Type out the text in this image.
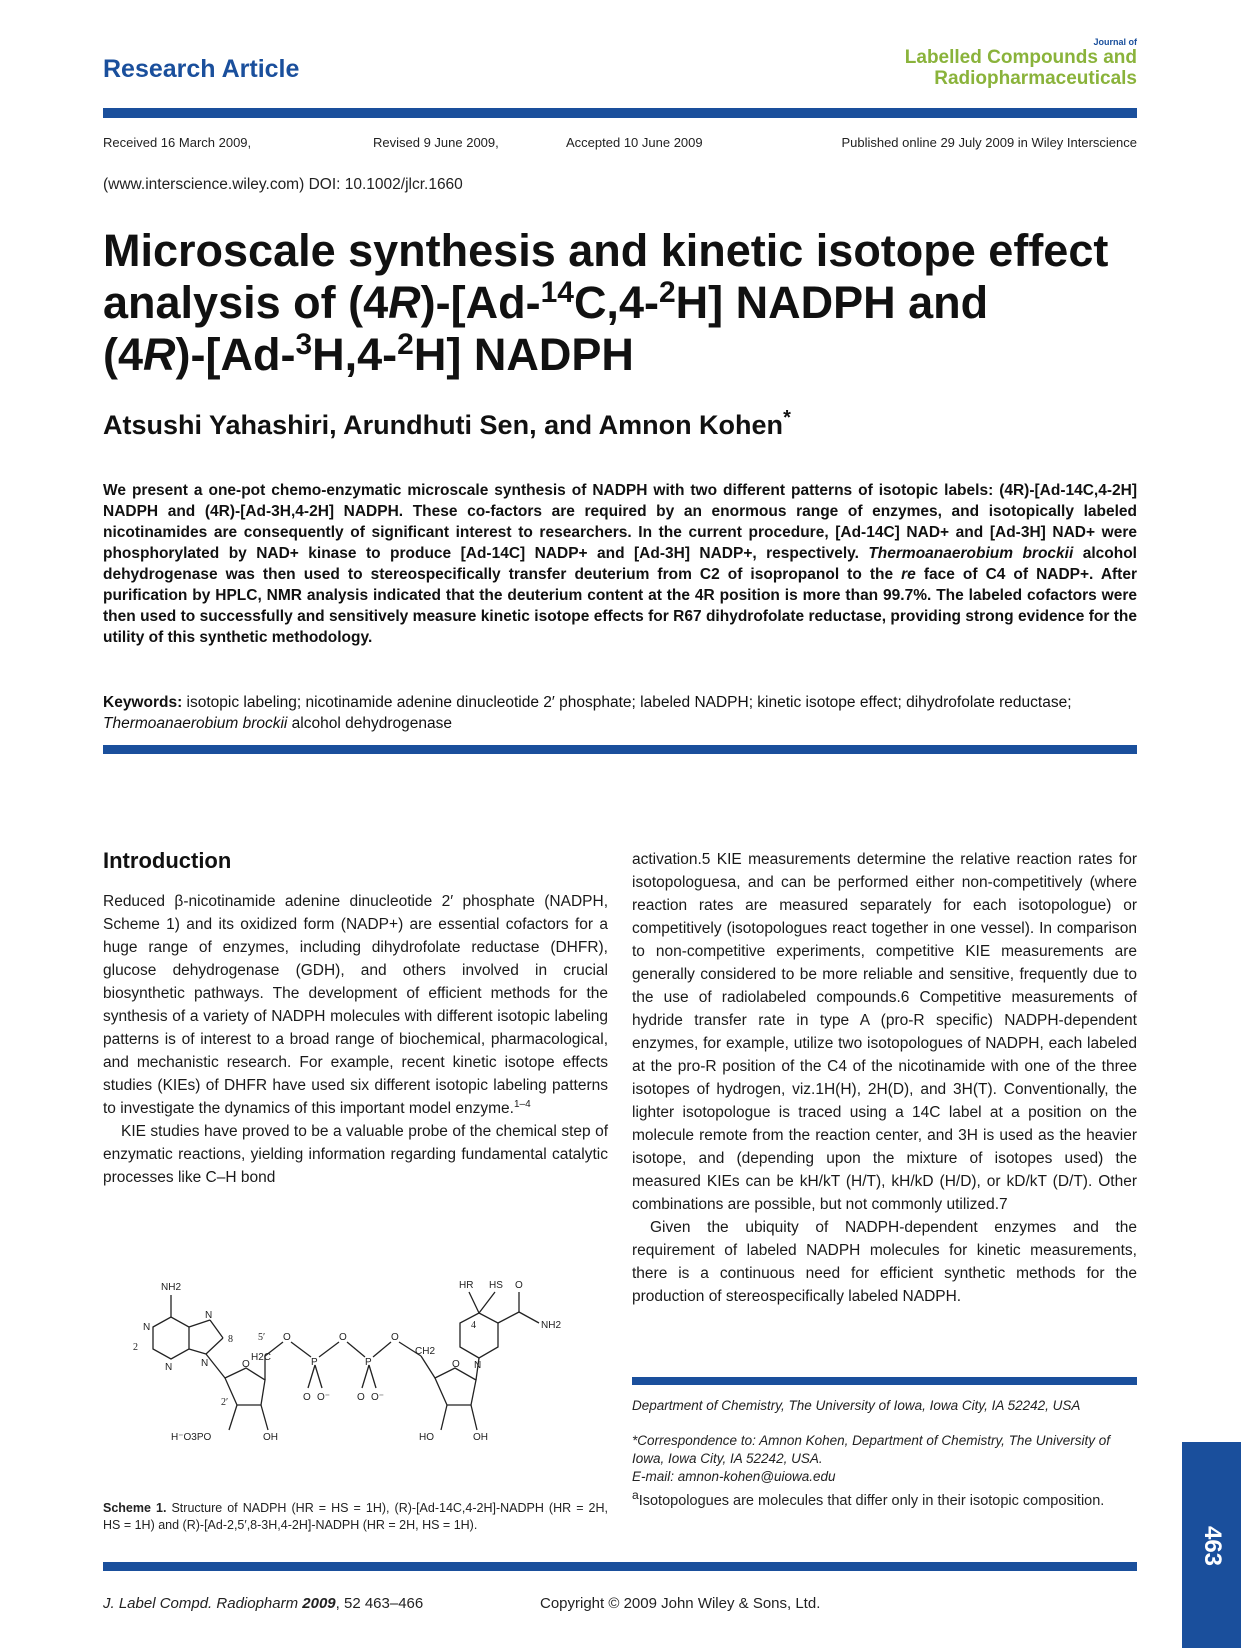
Research Article
Journal of
Labelled Compounds and
Radiopharmaceuticals
Received 16 March 2009,	Revised 9 June 2009,	Accepted 10 June 2009	Published online 29 July 2009 in Wiley Interscience
(www.interscience.wiley.com) DOI: 10.1002/jlcr.1660
Microscale synthesis and kinetic isotope effect
analysis of (4R)-[Ad-$^{14}$C,4-$^2$H] NADPH and
(4R)-[Ad-$^3$H,4-$^2$H] NADPH
Atsushi Yahashiri, Arundhuti Sen, and Amnon Kohen*
We present a one-pot chemo-enzymatic microscale synthesis of NADPH with two different patterns of isotopic labels: (4R)-[Ad-14C,4-2H] NADPH and (4R)-[Ad-3H,4-2H] NADPH. These co-factors are required by an enormous range of enzymes, and isotopically labeled nicotinamides are consequently of significant interest to researchers. In the current procedure, [Ad-14C] NAD+ and [Ad-3H] NAD+ were phosphorylated by NAD+ kinase to produce [Ad-14C] NADP+ and [Ad-3H] NADP+, respectively. Thermoanaerobium brockii alcohol dehydrogenase was then used to stereospecifically transfer deuterium from C2 of isopropanol to the re face of C4 of NADP+. After purification by HPLC, NMR analysis indicated that the deuterium content at the 4R position is more than 99.7%. The labeled cofactors were then used to successfully and sensitively measure kinetic isotope effects for R67 dihydrofolate reductase, providing strong evidence for the utility of this synthetic methodology.
Keywords: isotopic labeling; nicotinamide adenine dinucleotide 2′ phosphate; labeled NADPH; kinetic isotope effect; dihydrofolate reductase; Thermoanaerobium brockii alcohol dehydrogenase
Introduction

Reduced β-nicotinamide adenine dinucleotide 2′ phosphate (NADPH, Scheme 1) and its oxidized form (NADP+) are essential cofactors for a huge range of enzymes, including dihydrofolate reductase (DHFR), glucose dehydrogenase (GDH), and others involved in crucial biosynthetic pathways. The development of efficient methods for the synthesis of a variety of NADPH molecules with different isotopic labeling patterns is of interest to a broad range of biochemical, pharmacological, and mechanistic research. For example, recent kinetic isotope effects studies (KIEs) of DHFR have used six different isotopic labeling patterns to investigate the dynamics of this important model enzyme.$^{1-4}$

KIE studies have proved to be a valuable probe of the chemical step of enzymatic reactions, yielding information regarding fundamental catalytic processes like C–H bond

activation.5 KIE measurements determine the relative reaction rates for isotopologuesa, and can be performed either non-competitively (where reaction rates are measured separately for each isotopologue) or competitively (isotopologues react together in one vessel). In comparison to non-competitive experiments, competitive KIE measurements are generally considered to be more reliable and sensitive, frequently due to the use of radiolabeled compounds.6 Competitive measurements of hydride transfer rate in type A (pro-R specific) NADPH-dependent enzymes, for example, utilize two isotopologues of NADPH, each labeled at the pro-R position of the C4 of the nicotinamide with one of the three isotopes of hydrogen, viz.1H(H), 2H(D), and 3H(T). Conventionally, the lighter isotopologue is traced using a 14C label at a position on the molecule remote from the reaction center, and 3H is used as the heavier isotope, and (depending upon the mixture of isotopes used) the measured KIEs can be kH/kT (H/T), kH/kD (H/D), or kD/kT (D/T). Other combinations are possible, but not commonly utilized.7

Given the ubiquity of NADPH-dependent enzymes and the requirement of labeled NADPH molecules for kinetic measurements, there is a continuous need for efficient synthetic methods for the production of stereospecifically labeled NADPH.

NH2
N
N
N
N
2
8	5′
H2C
O
P
O
P
O
CH2
O O⁻	O O⁻
O	O
2′
H⁻O3PO	OH	HO	OH
N
4
HR HS O
NH2
Scheme 1. Structure of NADPH (HR = HS = 1H), (R)-[Ad-14C,4-2H]-NADPH (HR = 2H, HS = 1H) and (R)-[Ad-2,5′,8-3H,4-2H]-NADPH (HR = 2H, HS = 1H).
Department of Chemistry, The University of Iowa, Iowa City, IA 52242, USA
*Correspondence to: Amnon Kohen, Department of Chemistry, The University of Iowa, Iowa City, IA 52242, USA.
E-mail: amnon-kohen@uiowa.edu
$^a$Isotopologues are molecules that differ only in their isotopic composition.
463
J. Label Compd. Radiopharm 2009, 52 463–466	Copyright © 2009 John Wiley & Sons, Ltd.
